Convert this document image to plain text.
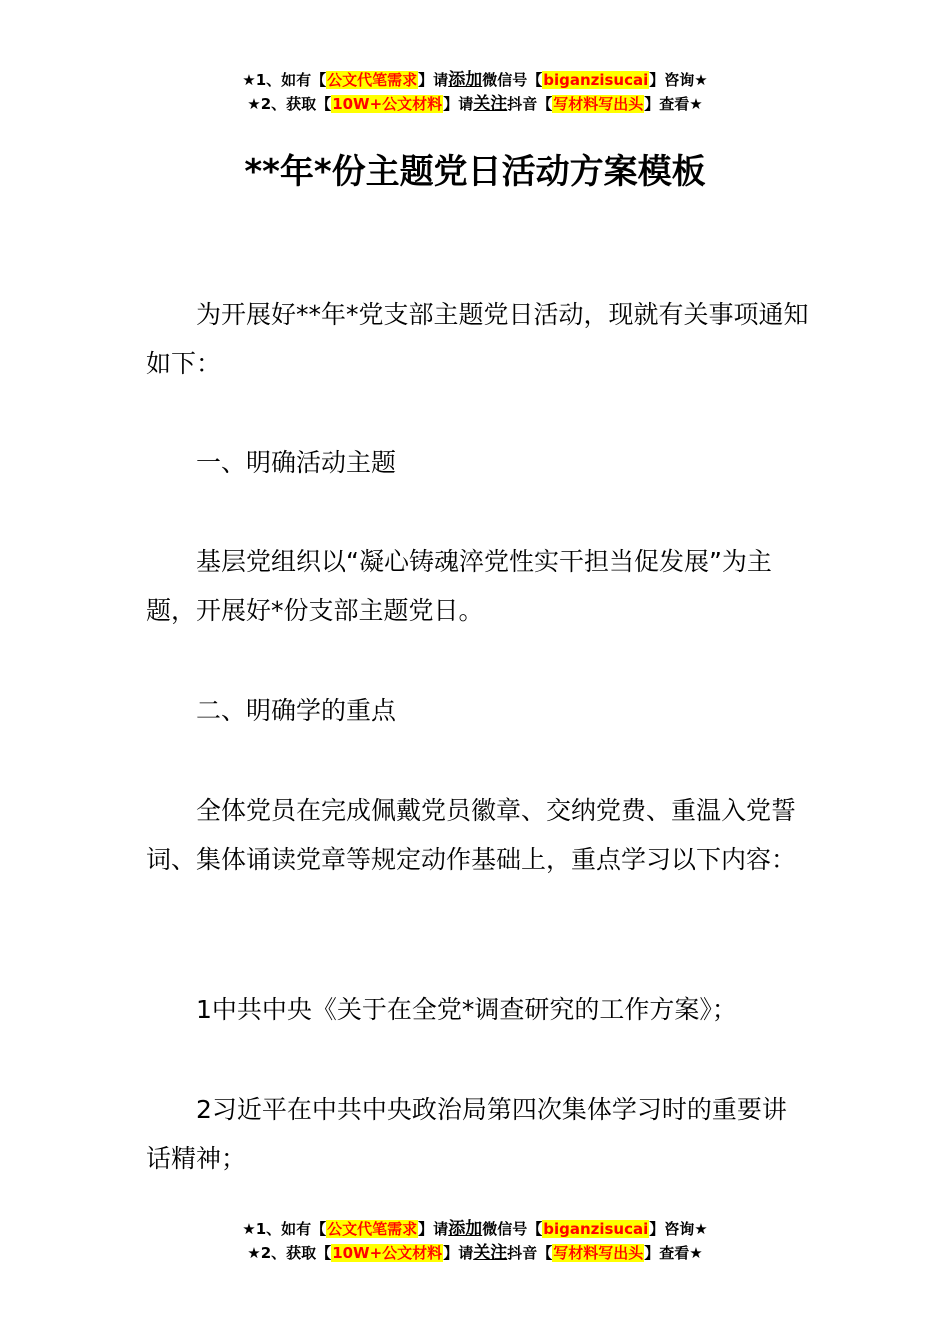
★1、如有【公文代笔需求】请添加微信号【biganzisucai】咨询★
★2、获取【10W+公文材料】请关注抖音【写材料写出头】查看★
**年*份主题党日活动方案模板

为开展好**年*党支部主题党日活动，现就有关事项通知如下：

一、明确活动主题

基层党组织以“凝心铸魂淬党性实干担当促发展”为主题，开展好*份支部主题党日。

二、明确学的重点

全体党员在完成佩戴党员徽章、交纳党费、重温入党誓词、集体诵读党章等规定动作基础上，重点学习以下内容：

1中共中央《关于在全党*调查研究的工作方案》；

2习近平在中共中央政治局第四次集体学习时的重要讲话精神；

★1、如有【公文代笔需求】请添加微信号【biganzisucai】咨询★
★2、获取【10W+公文材料】请关注抖音【写材料写出头】查看★
